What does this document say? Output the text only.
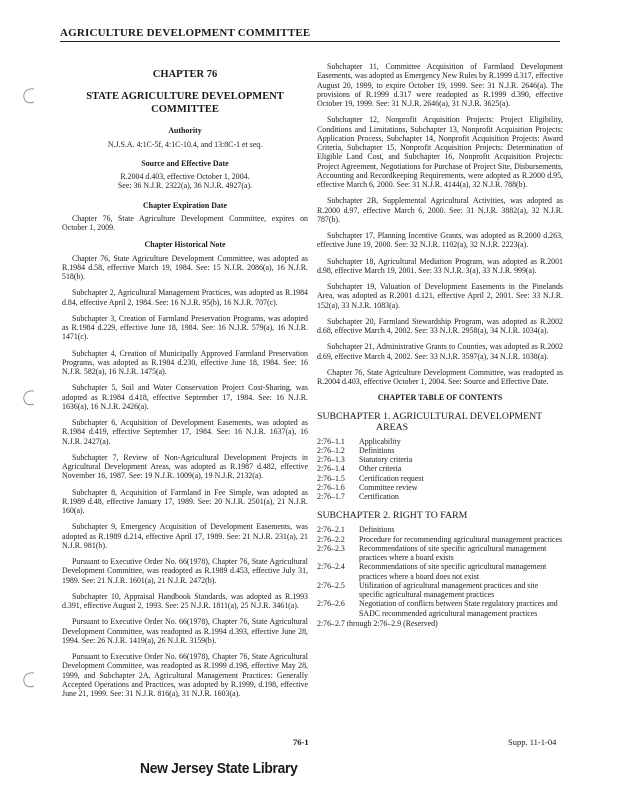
AGRICULTURE DEVELOPMENT COMMITTEE
CHAPTER 76
STATE AGRICULTURE DEVELOPMENT
COMMITTEE
Authority

N.J.S.A. 4:1C-5f, 4:1C-10.4, and 13:8C-1 et seq.

Source and Effective Date

R.2004 d.403, effective October 1, 2004.

See: 36 N.J.R. 2322(a), 36 N.J.R. 4927(a).

Chapter Expiration Date

Chapter 76, State Agriculture Development Committee, expires on October 1, 2009.

Chapter Historical Note

Chapter 76, State Agriculture Development Committee, was adopted as R.1984 d.58, effective March 19, 1984. See: 15 N.J.R. 2086(a), 16 N.J.R. 518(b).

Subchapter 2, Agricultural Management Practices, was adopted as R.1984 d.84, effective April 2, 1984. See: 16 N.J.R. 95(b), 16 N.J.R. 707(c).

Subchapter 3, Creation of Farmland Preservation Programs, was adopted as R.1984 d.229, effective June 18, 1984. See: 16 N.J.R. 579(a), 16 N.J.R. 1471(c).

Subchapter 4, Creation of Municipally Approved Farmland Preservation Programs, was adopted as R.1984 d.230, effective June 18, 1984. See: 16 N.J.R. 582(a), 16 N.J.R. 1475(a).

Subchapter 5, Soil and Water Conservation Project Cost-Sharing, was adopted as R.1984 d.418, effective September 17, 1984. See: 16 N.J.R. 1636(a), 16 N.J.R. 2426(a).

Subchapter 6, Acquisition of Development Easements, was adopted as R.1984 d.419, effective September 17, 1984. See: 16 N.J.R. 1637(a), 16 N.J.R. 2427(a).

Subchapter 7, Review of Non-Agricultural Development Projects in Agricultural Development Areas, was adopted as R.1987 d.482, effective November 16, 1987. See: 19 N.J.R. 1009(a), 19 N.J.R. 2132(a).

Subchapter 8, Acquisition of Farmland in Fee Simple, was adopted as R.1989 d.48, effective January 17, 1989. See: 20 N.J.R. 2501(a), 21 N.J.R. 160(a).

Subchapter 9, Emergency Acquisition of Development Easements, was adopted as R.1989 d.214, effective April 17, 1989. See: 21 N.J.R. 231(a), 21 N.J.R. 981(b).

Pursuant to Executive Order No. 66(1978), Chapter 76, State Agricultural Development Committee, was readopted as R.1989 d.453, effective July 31, 1989. See: 21 N.J.R. 1601(a), 21 N.J.R. 2472(b).

Subchapter 10, Appraisal Handbook Standards, was adopted as R.1993 d.391, effective August 2, 1993. See: 25 N.J.R. 1811(a), 25 N.J.R. 3461(a).

Pursuant to Executive Order No. 66(1978), Chapter 76, State Agricultural Development Committee, was readopted as R.1994 d.393, effective June 28, 1994. See: 26 N.J.R. 1419(a), 26 N.J.R. 3159(b).

Pursuant to Executive Order No. 66(1978), Chapter 76, State Agricultural Development Committee, was readopted as R.1999 d.198, effective May 28, 1999, and Subchapter 2A, Agricultural Management Practices: Generally Accepted Operations and Practices, was adopted by R.1999, d.198, effective June 21, 1999. See: 31 N.J.R. 816(a), 31 N.J.R. 1603(a).

Subchapter 11, Committee Acquisition of Farmland Development Easements, was adopted as Emergency New Rules by R.1999 d.317, effective August 20, 1999, to expire October 19, 1999. See: 31 N.J.R. 2646(a). The provisions of R.1999 d.317 were readopted as R.1999 d.390, effective October 19, 1999. See: 31 N.J.R. 2646(a), 31 N.J.R. 3625(a).

Subchapter 12, Nonprofit Acquisition Projects: Project Eligibility, Conditions and Limitations, Subchapter 13, Nonprofit Acquisition Projects: Application Process, Subchapter 14, Nonprofit Acquisition Projects: Award Criteria, Subchapter 15, Nonprofit Acquisition Projects: Determination of Eligible Land Cost, and Subchapter 16, Nonprofit Acquisition Projects: Project Agreement, Negotiations for Purchase of Project Site, Disbursements, Accounting and Recordkeeping Requirements, were adopted as R.2000 d.95, effective March 6, 2000. See: 31 N.J.R. 4144(a), 32 N.J.R. 788(b).

Subchapter 2B, Supplemental Agricultural Activities, was adopted as R.2000 d.97, effective March 6, 2000. See: 31 N.J.R. 3882(a), 32 N.J.R. 787(b).

Subchapter 17, Planning Incentive Grants, was adopted as R.2000 d.263, effective June 19, 2000. See: 32 N.J.R. 1102(a), 32 N.J.R. 2223(a).

Subchapter 18, Agricultural Mediation Program, was adopted as R.2001 d.98, effective March 19, 2001. See: 33 N.J.R. 3(a), 33 N.J.R. 999(a).

Subchapter 19, Valuation of Development Easements in the Pinelands Area, was adopted as R.2001 d.121, effective April 2, 2001. See: 33 N.J.R. 152(a), 33 N.J.R. 1083(a).

Subchapter 20, Farmland Stewardship Program, was adopted as R.2002 d.68, effective March 4, 2002. See: 33 N.J.R. 2958(a), 34 N.J.R. 1034(a).

Subchapter 21, Administrative Grants to Counties, was adopted as R.2002 d.69, effective March 4, 2002. See: 33 N.J.R. 3597(a), 34 N.J.R. 1038(a).

Chapter 76, State Agriculture Development Committee, was readopted as R.2004 d.403, effective October 1, 2004. See: Source and Effective Date.

CHAPTER TABLE OF CONTENTS
SUBCHAPTER 1. AGRICULTURAL DEVELOPMENT
AREAS
2:76–1.1	Applicability
2:76–1.2	Definitions
2:76–1.3	Statutory criteria
2:76–1.4	Other criteria
2:76–1.5	Certification request
2:76–1.6	Committee review
2:76–1.7	Certification
SUBCHAPTER 2. RIGHT TO FARM
2:76–2.1	Definitions
2:76–2.2	Procedure for recommending agricultural management practices
2:76–2.3	Recommendations of site specific agricultural management practices where a board exists
2:76–2.4	Recommendations of site specific agricultural management practices where a board does not exist
2:76–2.5	Utilization of agricultural management practices and site specific agricultural management practices
2:76–2.6	Negotiation of conflicts between State regulatory practices and SADC recommended agricultural management practices
2:76–2.7 through 2:76–2.9 (Reserved)
76-1	Supp. 11-1-04
New Jersey State Library
